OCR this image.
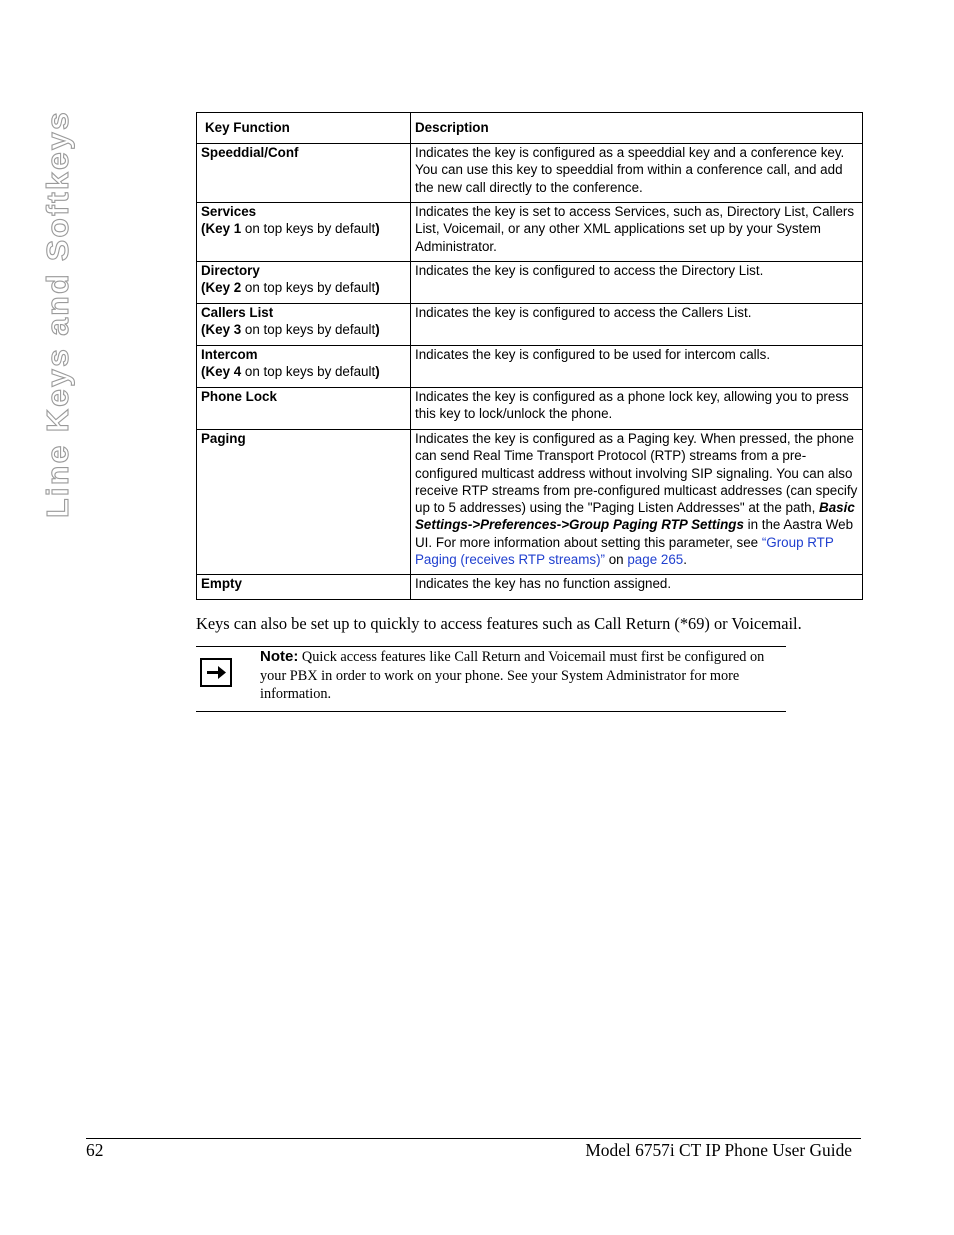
Line Keys and Softkeys	Key Function	Description
Speeddial/Conf	Indicates the key is configured as a speeddial key and a conference key. You can use this key to speeddial from within a conference call, and add the new call directly to the conference.
Services
(Key 1 on top keys by default)	Indicates the key is set to access Services, such as, Directory List, Callers List, Voicemail, or any other XML applications set up by your System Administrator.
Directory
(Key 2 on top keys by default)	Indicates the key is configured to access the Directory List.
Callers List
(Key 3 on top keys by default)	Indicates the key is configured to access the Callers List.
Intercom
(Key 4 on top keys by default)	Indicates the key is configured to be used for intercom calls.
Phone Lock	Indicates the key is configured as a phone lock key, allowing you to press this key to lock/unlock the phone.
Paging	Indicates the key is configured as a Paging key. When pressed, the phone can send Real Time Transport Protocol (RTP) streams from a pre-configured multicast address without involving SIP signaling. You can also receive RTP streams from pre-configured multicast addresses (can specify up to 5 addresses) using the "Paging Listen Addresses" at the path, Basic Settings->Preferences->Group Paging RTP Settings in the Aastra Web UI. For more information about setting this parameter, see “Group RTP Paging (receives RTP streams)” on page 265.
Empty	Indicates the key has no function assigned.
Keys can also be set up to quickly to access features such as Call Return (*69) or Voicemail.
Note: Quick access features like Call Return and Voicemail must first be configured on your PBX in order to work on your phone. See your System Administrator for more information.
62	Model 6757i CT IP Phone User Guide
